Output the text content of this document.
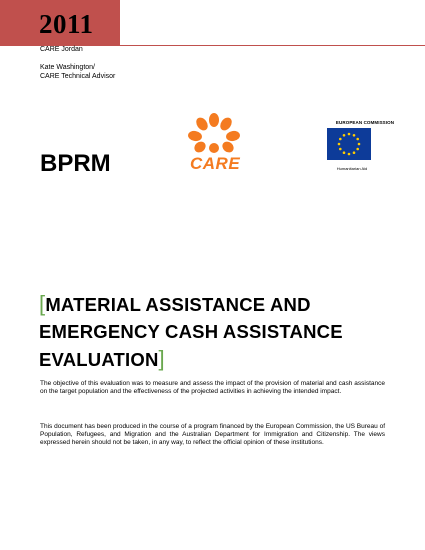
2011
CARE Jordan
Kate Washington/
CARE Technical Advisor
BPRM	CARE
EUROPEAN COMMISSION
Humanitarian Aid
[MATERIAL ASSISTANCE AND EMERGENCY CASH ASSISTANCE EVALUATION]
The objective of this evaluation was to measure and assess the impact of the provision of material and cash assistance on the target population and the effectiveness of the projected activities in achieving the intended impact.
This document has been produced in the course of a program financed by the European Commission, the US Bureau of Population, Refugees, and Migration and the Australian Department for Immigration and Citizenship. The views expressed herein should not be taken, in any way, to reflect the official opinion of these institutions.
